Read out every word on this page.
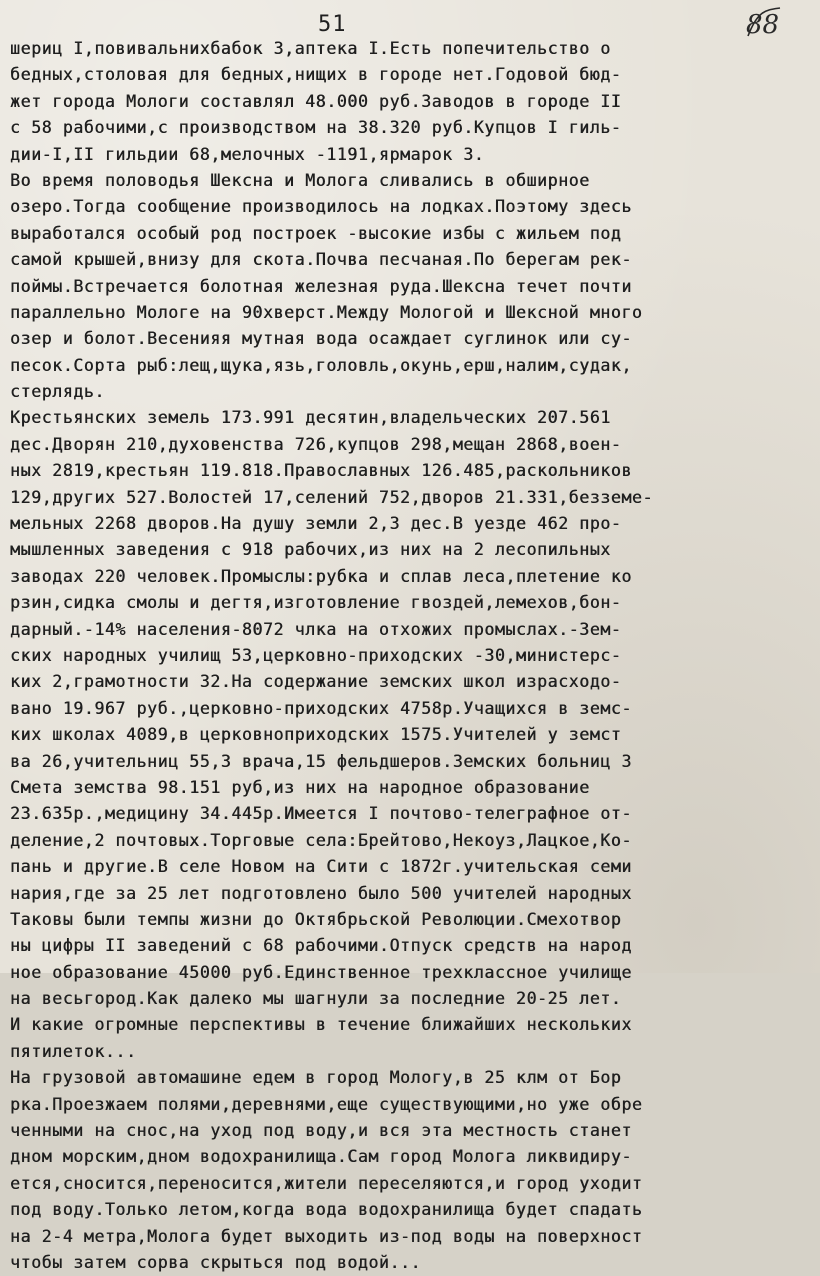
51	88
шериц I,повивальнихбабок 3,аптека I.Есть попечительство о
бедных,столовая для бедных,нищих в городе нет.Годовой бюд-
жет города Мологи составлял 48.000 руб.Заводов в городе II
с 58 рабочими,с производством на 38.320 руб.Купцов I гиль-
дии-I,II гильдии 68,мелочных -1191,ярмарок 3.
Во время половодья Шексна и Молога сливались в обширное
озеро.Тогда сообщение производилось на лодках.Поэтому здесь
выработался особый род построек -высокие избы с жильем под
самой крышей,внизу для скота.Почва песчаная.По берегам рек-
поймы.Встречается болотная железная руда.Шексна течет почти
параллельно Мологе на 90хверст.Между Мологой и Шексной много
озер и болот.Весенияя мутная вода осаждает суглинок или су-
песок.Сорта рыб:лещ,щука,язь,головль,окунь,ерш,налим,судак,
стерлядь.
Крестьянских земель 173.991 десятин,владельческих 207.561
дес.Дворян 210,духовенства 726,купцов 298,мещан 2868,воен-
ных 2819,крестьян 119.818.Православных 126.485,раскольников
129,других 527.Волостей 17,селений 752,дворов 21.331,безземе-
мельных 2268 дворов.На душу земли 2,3 дес.В уезде 462 про-
мышленных заведения с 918 рабочих,из них на 2 лесопильных
заводах 220 человек.Промыслы:рубка и сплав леса,плетение ко
рзин,сидка смолы и дегтя,изготовление гвоздей,лемехов,бон-
дарный.-14% населения-8072 члка на отхожих промыслах.-Зем-
ских народных училищ 53,церковно-приходских -30,министерс-
ких 2,грамотности 32.На содержание земских школ израсходо-
вано 19.967 руб.,церковно-приходских 4758р.Учащихся в земс-
ких школах 4089,в церковноприходских 1575.Учителей у земст
ва 26,учительниц 55,3 врача,15 фельдшеров.Земских больниц 3
Смета земства 98.151 руб,из них на народное образование
23.635р.,медицину 34.445р.Имеется I почтово-телеграфное от-
деление,2 почтовых.Торговые села:Брейтово,Некоуз,Лацкое,Ко-
пань и другие.В селе Новом на Сити с 1872г.учительская семи
нария,где за 25 лет подготовлено было 500 учителей народных
Таковы были темпы жизни до Октябрьской Революции.Смехотвор
ны цифры II заведений с 68 рабочими.Отпуск средств на народ
ное образование 45000 руб.Единственное трехклассное училище
на весьгород.Как далеко мы шагнули за последние 20-25 лет.
И какие огромные перспективы в течение ближайших нескольких
пятилеток...
На грузовой автомашине едем в город Мологу,в 25 клм от Бор
рка.Проезжаем полями,деревнями,еще существующими,но уже обре
ченными на снос,на уход под воду,и вся эта местность станет
дном морским,дном водохранилища.Сам город Молога ликвидиру-
ется,сносится,переносится,жители переселяются,и город уходит
под воду.Только летом,когда вода водохранилища будет спадать
на 2-4 метра,Молога будет выходить из-под воды на поверхност
чтобы затем сорва скрыться под водой...
